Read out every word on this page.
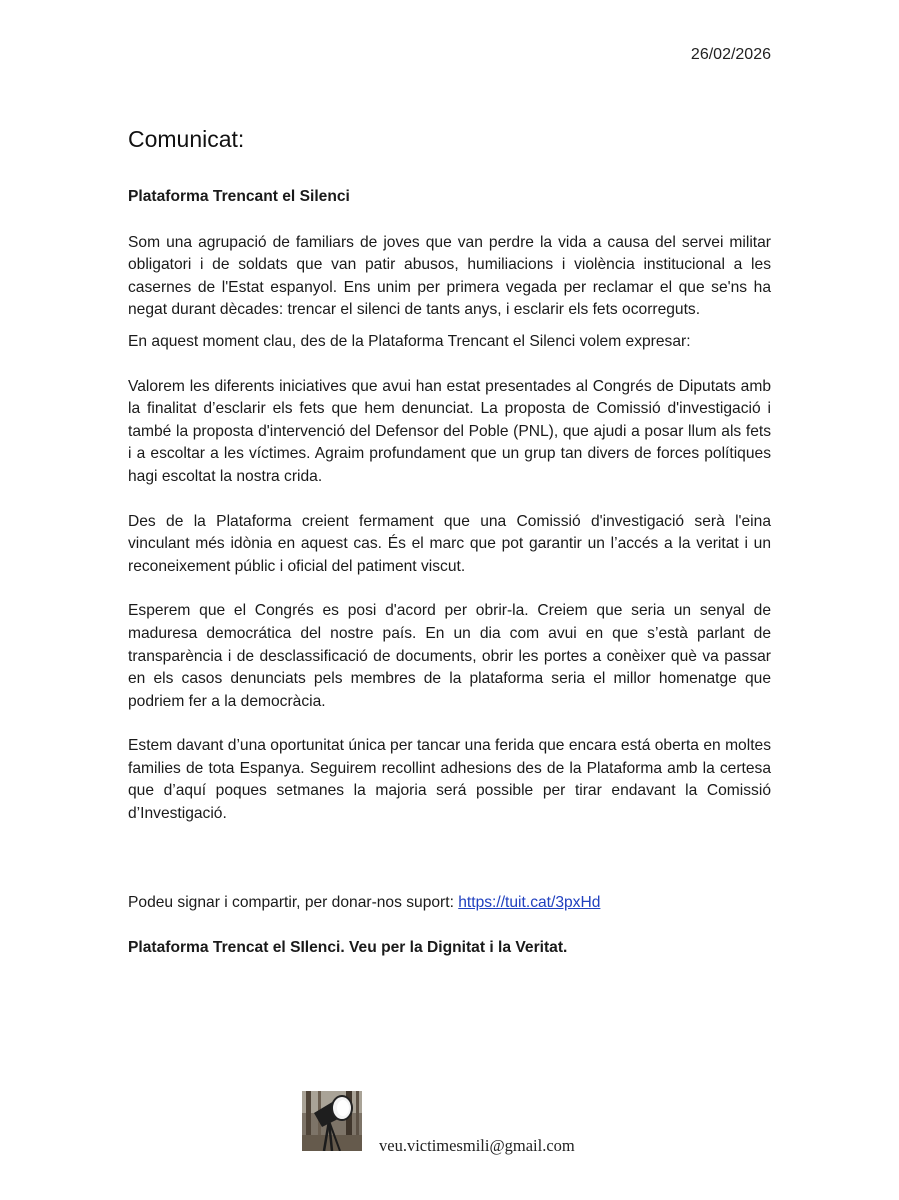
26/02/2026
Comunicat:

Plataforma Trencant el Silenci

Som una agrupació de familiars de joves que van perdre la vida a causa del servei militar obligatori i de soldats que van patir abusos, humiliacions i violència institucional a les casernes de l'Estat espanyol. Ens unim per primera vegada per reclamar el que se'ns ha negat durant dècades: trencar el silenci de tants anys, i esclarir els fets ocorreguts.

En aquest moment clau, des de la Plataforma Trencant el Silenci volem expresar:

Valorem les diferents iniciatives que avui han estat presentades al Congrés de Diputats amb la finalitat d’esclarir els fets que hem denunciat. La proposta de Comissió d'investigació i també la proposta d'intervenció del Defensor del Poble (PNL), que ajudi a posar llum als fets i a escoltar a les víctimes. Agraim profundament que un grup tan divers de forces polítiques hagi escoltat la nostra crida.

Des de la Plataforma creient fermament que una Comissió d'investigació serà l'eina vinculant més idònia en aquest cas. És el marc que pot garantir un l’accés a la veritat i un reconeixement públic i oficial del patiment viscut.

Esperem que el Congrés es posi d'acord per obrir-la. Creiem que seria un senyal de maduresa democrática del nostre país. En un dia com avui en que s’està parlant de transparència i de desclassificació de documents, obrir les portes a conèixer què va passar en els casos denunciats pels membres de la plataforma seria el millor homenatge que podriem fer a la democràcia.

Estem davant d’una oportunitat única per tancar una ferida que encara está oberta en moltes families de tota Espanya. Seguirem recollint adhesions des de la Plataforma amb la certesa que d’aquí poques setmanes la majoria será possible per tirar endavant la Comissió d’Investigació.

Podeu signar i compartir, per donar-nos suport: https://tuit.cat/3pxHd

Plataforma Trencat el SIlenci. Veu per la Dignitat i la Veritat.

veu.victimesmili@gmail.com
